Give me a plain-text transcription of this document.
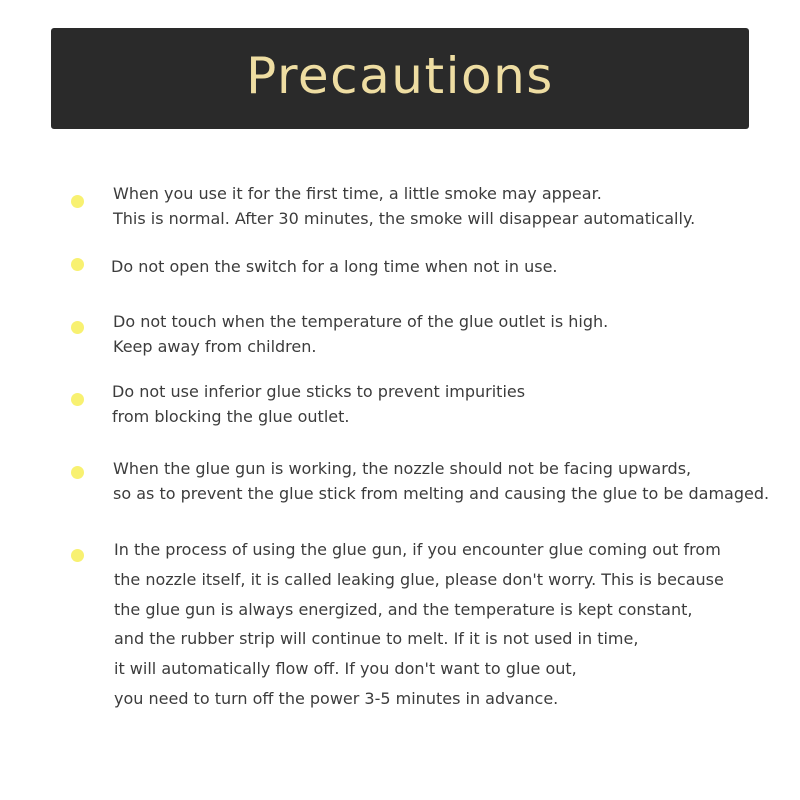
Precautions
When you use it for the first time, a little smoke may appear.
This is normal. After 30 minutes, the smoke will disappear automatically.
Do not open the switch for a long time when not in use.
Do not touch when the temperature of the glue outlet is high.
Keep away from children.
Do not use inferior glue sticks to prevent impurities
from blocking the glue outlet.
When the glue gun is working, the nozzle should not be facing upwards,
so as to prevent the glue stick from melting and causing the glue to be damaged.
In the process of using the glue gun, if you encounter glue coming out from
the nozzle itself, it is called leaking glue, please don't worry. This is because
the glue gun is always energized, and the temperature is kept constant,
and the rubber strip will continue to melt. If it is not used in time,
it will automatically flow off. If you don't want to glue out,
you need to turn off the power 3-5 minutes in advance.
